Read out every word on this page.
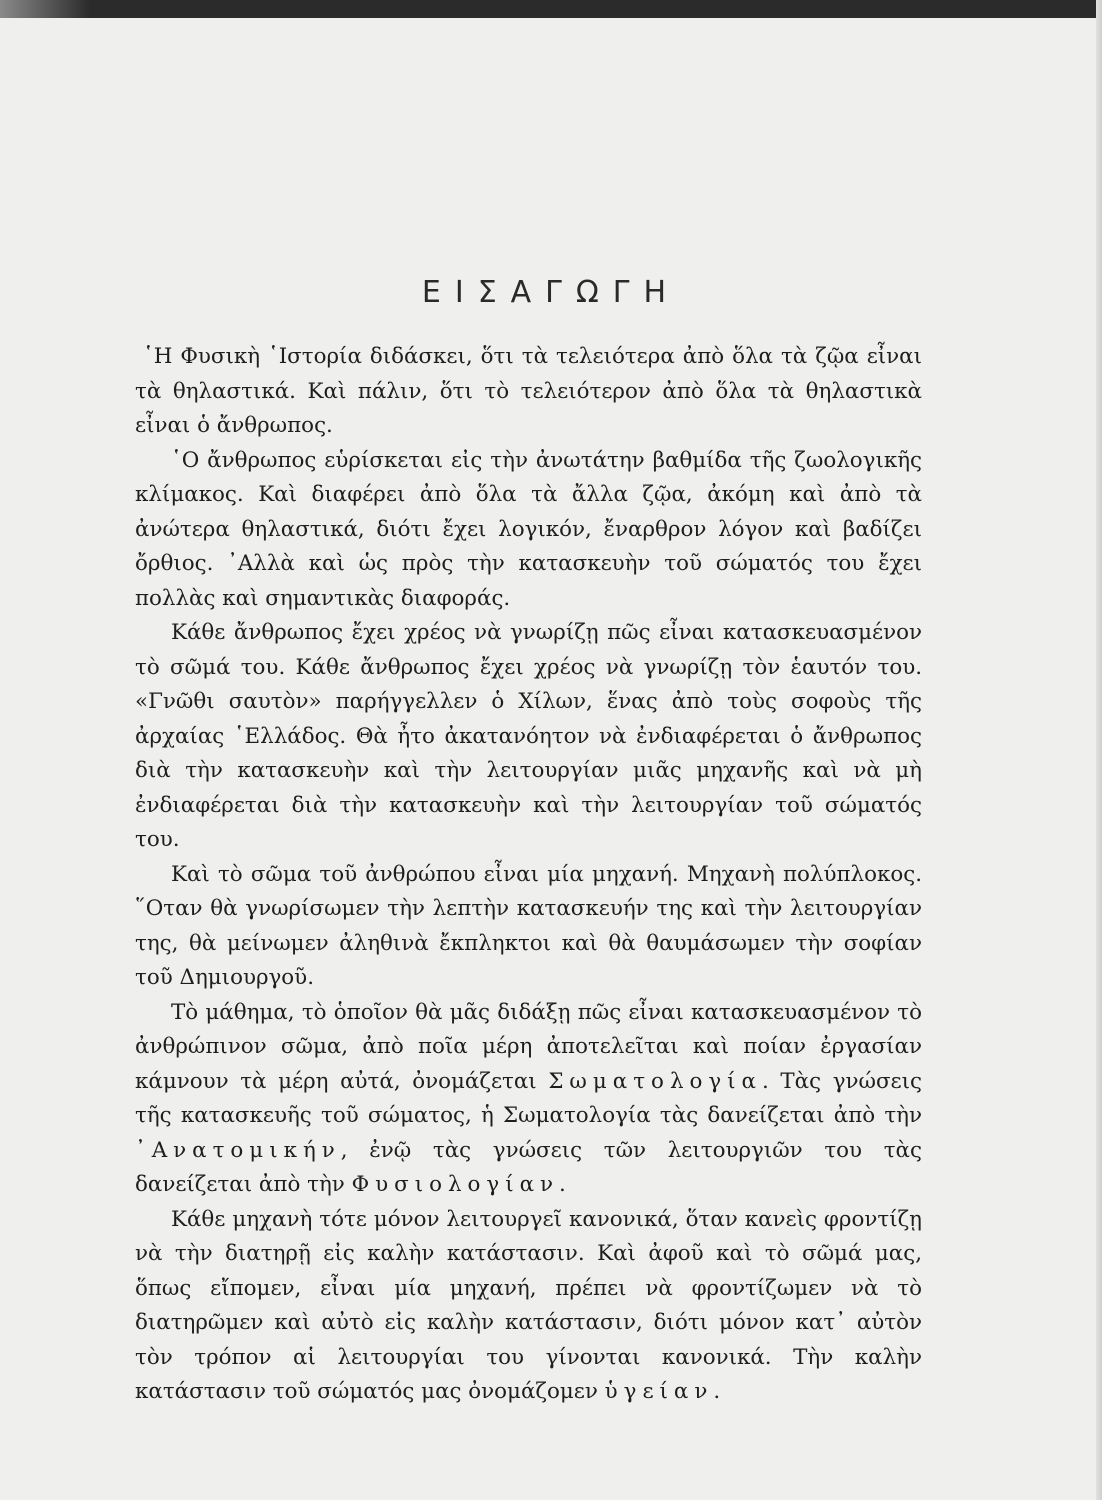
ΕΙΣΑΓΩΓΗ

῾Η Φυσικὴ ῾Ιστορία διδάσκει, ὅτι τὰ τελειότερα ἀπὸ ὅλα τὰ ζῷα εἶναι τὰ θηλαστικά. Καὶ πάλιν, ὅτι τὸ τελειότερον ἀπὸ ὅλα τὰ θηλαστικὰ εἶναι ὁ ἄνθρωπος.

῾Ο ἄνθρωπος εὑρίσκεται εἰς τὴν ἀνωτάτην βαθμίδα τῆς ζωολογικῆς κλίμακος. Καὶ διαφέρει ἀπὸ ὅλα τὰ ἄλλα ζῷα, ἀκόμη καὶ ἀπὸ τὰ ἀνώτερα θηλαστικά, διότι ἔχει λογικόν, ἔναρθρον λόγον καὶ βαδίζει ὄρθιος. ᾿Αλλὰ καὶ ὡς πρὸς τὴν κατασκευὴν τοῦ σώματός του ἔχει πολλὰς καὶ σημαντικὰς διαφοράς.

Κάθε ἄνθρωπος ἔχει χρέος νὰ γνωρίζῃ πῶς εἶναι κατασκευασμένον τὸ σῶμά του. Κάθε ἄνθρωπος ἔχει χρέος νὰ γνωρίζῃ τὸν ἑαυτόν του. «Γνῶθι σαυτὸν» παρήγγελλεν ὁ Χίλων, ἕνας ἀπὸ τοὺς σοφοὺς τῆς ἀρχαίας ῾Ελλάδος. Θὰ ἦτο ἀκατανόητον νὰ ἐνδιαφέρεται ὁ ἄνθρωπος διὰ τὴν κατασκευὴν καὶ τὴν λειτουργίαν μιᾶς μηχανῆς καὶ νὰ μὴ ἐνδιαφέρεται διὰ τὴν κατασκευὴν καὶ τὴν λειτουργίαν τοῦ σώματός του.

Καὶ τὸ σῶμα τοῦ ἀνθρώπου εἶναι μία μηχανή. Μηχανὴ πολύπλοκος. ῞Οταν θὰ γνωρίσωμεν τὴν λεπτὴν κατασκευήν της καὶ τὴν λειτουργίαν της, θὰ μείνωμεν ἀληθινὰ ἔκπληκτοι καὶ θὰ θαυμάσωμεν τὴν σοφίαν τοῦ Δημιουργοῦ.

Τὸ μάθημα, τὸ ὁποῖον θὰ μᾶς διδάξῃ πῶς εἶναι κατασκευασμένον τὸ ἀνθρώπινον σῶμα, ἀπὸ ποῖα μέρη ἀποτελεῖται καὶ ποίαν ἐργασίαν κάμνουν τὰ μέρη αὐτά, ὀνομάζεται Σωματολογία. Τὰς γνώσεις τῆς κατασκευῆς τοῦ σώματος, ἡ Σωματολογία τὰς δανείζεται ἀπὸ τὴν ᾿Ανατομικήν, ἐνῷ τὰς γνώσεις τῶν λειτουργιῶν του τὰς δανείζεται ἀπὸ τὴν Φυσιολογίαν.

Κάθε μηχανὴ τότε μόνον λειτουργεῖ κανονικά, ὅταν κανεὶς φροντίζῃ νὰ τὴν διατηρῇ εἰς καλὴν κατάστασιν. Καὶ ἀφοῦ καὶ τὸ σῶμά μας, ὅπως εἴπομεν, εἶναι μία μηχανή, πρέπει νὰ φροντίζωμεν νὰ τὸ διατηρῶμεν καὶ αὐτὸ εἰς καλὴν κατάστασιν, διότι μόνον κατ᾿ αὐτὸν τὸν τρόπον αἱ λειτουργίαι του γίνονται κανονικά. Τὴν καλὴν κατάστασιν τοῦ σώματός μας ὀνομάζομεν ὑγείαν.
